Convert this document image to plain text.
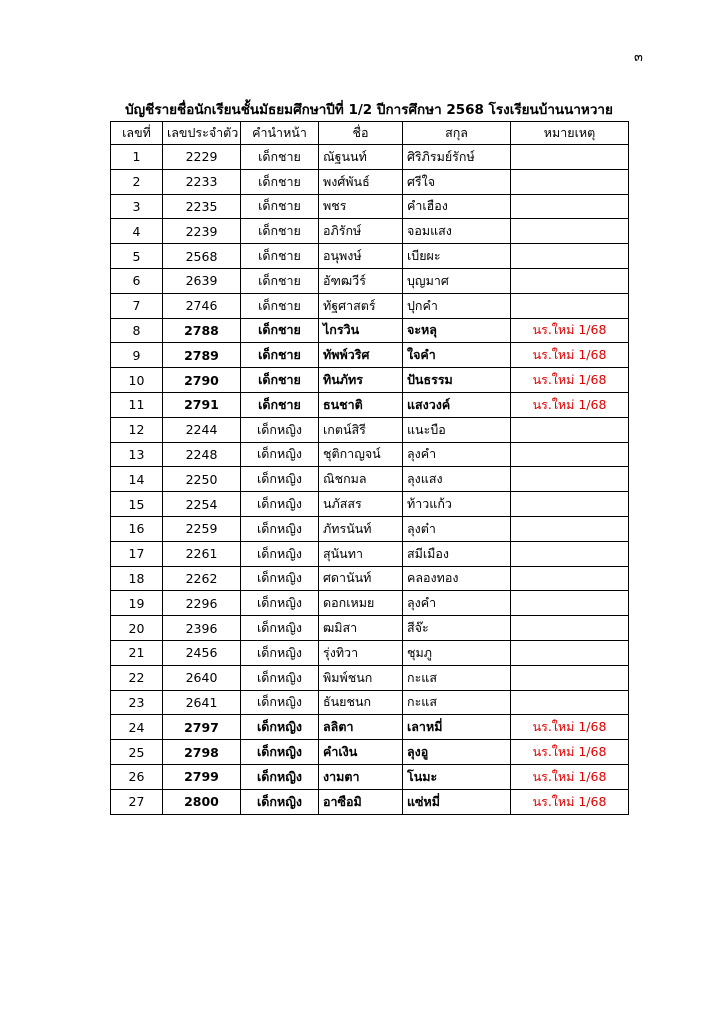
๓
บัญชีรายชื่อนักเรียนชั้นมัธยมศึกษาปีที่ 1/2 ปีการศึกษา 2568 โรงเรียนบ้านนาหวาย
เลขที่	เลขประจำตัว	คำนำหน้า	ชื่อ	สกุล	หมายเหตุ
1	2229	เด็กชาย	ณัฐนนท์	ศิริภิรมย์รักษ์	
2	2233	เด็กชาย	พงศ์พันธ์	ศรีใจ	
3	2235	เด็กชาย	พชร	คำเฮือง	
4	2239	เด็กชาย	อภิรักษ์	จอมแสง	
5	2568	เด็กชาย	อนุพงษ์	เบียผะ	
6	2639	เด็กชาย	อัฑฒวีร์	บุญมาศ	
7	2746	เด็กชาย	ทัฐศาสตร์	ปุกคำ	
8	2788	เด็กชาย	ไกรวิน	จะหลุ	นร.ใหม่ 1/68
9	2789	เด็กชาย	ทัพพ์วริศ	ใจคำ	นร.ใหม่ 1/68
10	2790	เด็กชาย	ทินภัทร	ปันธรรม	นร.ใหม่ 1/68
11	2791	เด็กชาย	ธนชาติ	แสงวงค์	นร.ใหม่ 1/68
12	2244	เด็กหญิง	เกตน์สิรี	แนะบือ	
13	2248	เด็กหญิง	ชุติกาญจน์	ลุงคำ	
14	2250	เด็กหญิง	ณิชกมล	ลุงแสง	
15	2254	เด็กหญิง	นภัสสร	ท้าวแก้ว	
16	2259	เด็กหญิง	ภัทรนันท์	ลุงต๋า	
17	2261	เด็กหญิง	สุนันทา	สมีเมือง	
18	2262	เด็กหญิง	ศดานันท์	คลองทอง	
19	2296	เด็กหญิง	ดอกเหมย	ลุงคำ	
20	2396	เด็กหญิง	ฒมิสา	สีจ๊ะ	
21	2456	เด็กหญิง	รุ่งทิวา	ชุมภู	
22	2640	เด็กหญิง	พิมพ์ชนก	กะแส	
23	2641	เด็กหญิง	ธันยชนก	กะแส	
24	2797	เด็กหญิง	ลลิตา	เลาหมี่	นร.ใหม่ 1/68
25	2798	เด็กหญิง	คำเงิน	ลุงอู	นร.ใหม่ 1/68
26	2799	เด็กหญิง	งามตา	โนมะ	นร.ใหม่ 1/68
27	2800	เด็กหญิง	อาซือมิ	แซ่หมี่	นร.ใหม่ 1/68
